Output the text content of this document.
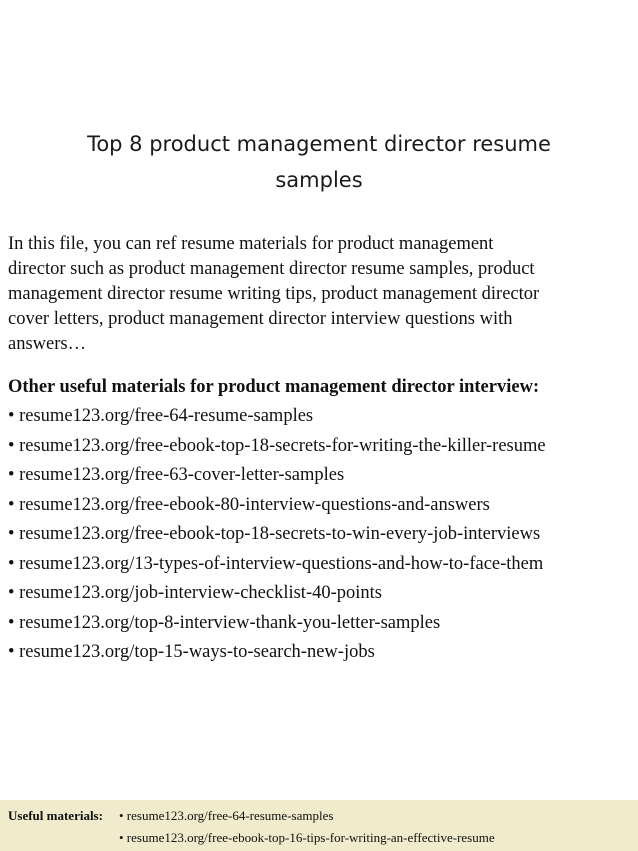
Top 8 product management director resume
samples
In this file, you can ref resume materials for product management
director such as product management director resume samples, product
management director resume writing tips, product management director
cover letters, product management director interview questions with
answers…
Other useful materials for product management director interview:
• resume123.org/free-64-resume-samples
• resume123.org/free-ebook-top-18-secrets-for-writing-the-killer-resume
• resume123.org/free-63-cover-letter-samples
• resume123.org/free-ebook-80-interview-questions-and-answers
• resume123.org/free-ebook-top-18-secrets-to-win-every-job-interviews
• resume123.org/13-types-of-interview-questions-and-how-to-face-them
• resume123.org/job-interview-checklist-40-points
• resume123.org/top-8-interview-thank-you-letter-samples
• resume123.org/top-15-ways-to-search-new-jobs
Useful materials: • resume123.org/free-64-resume-samples
• resume123.org/free-ebook-top-16-tips-for-writing-an-effective-resume
